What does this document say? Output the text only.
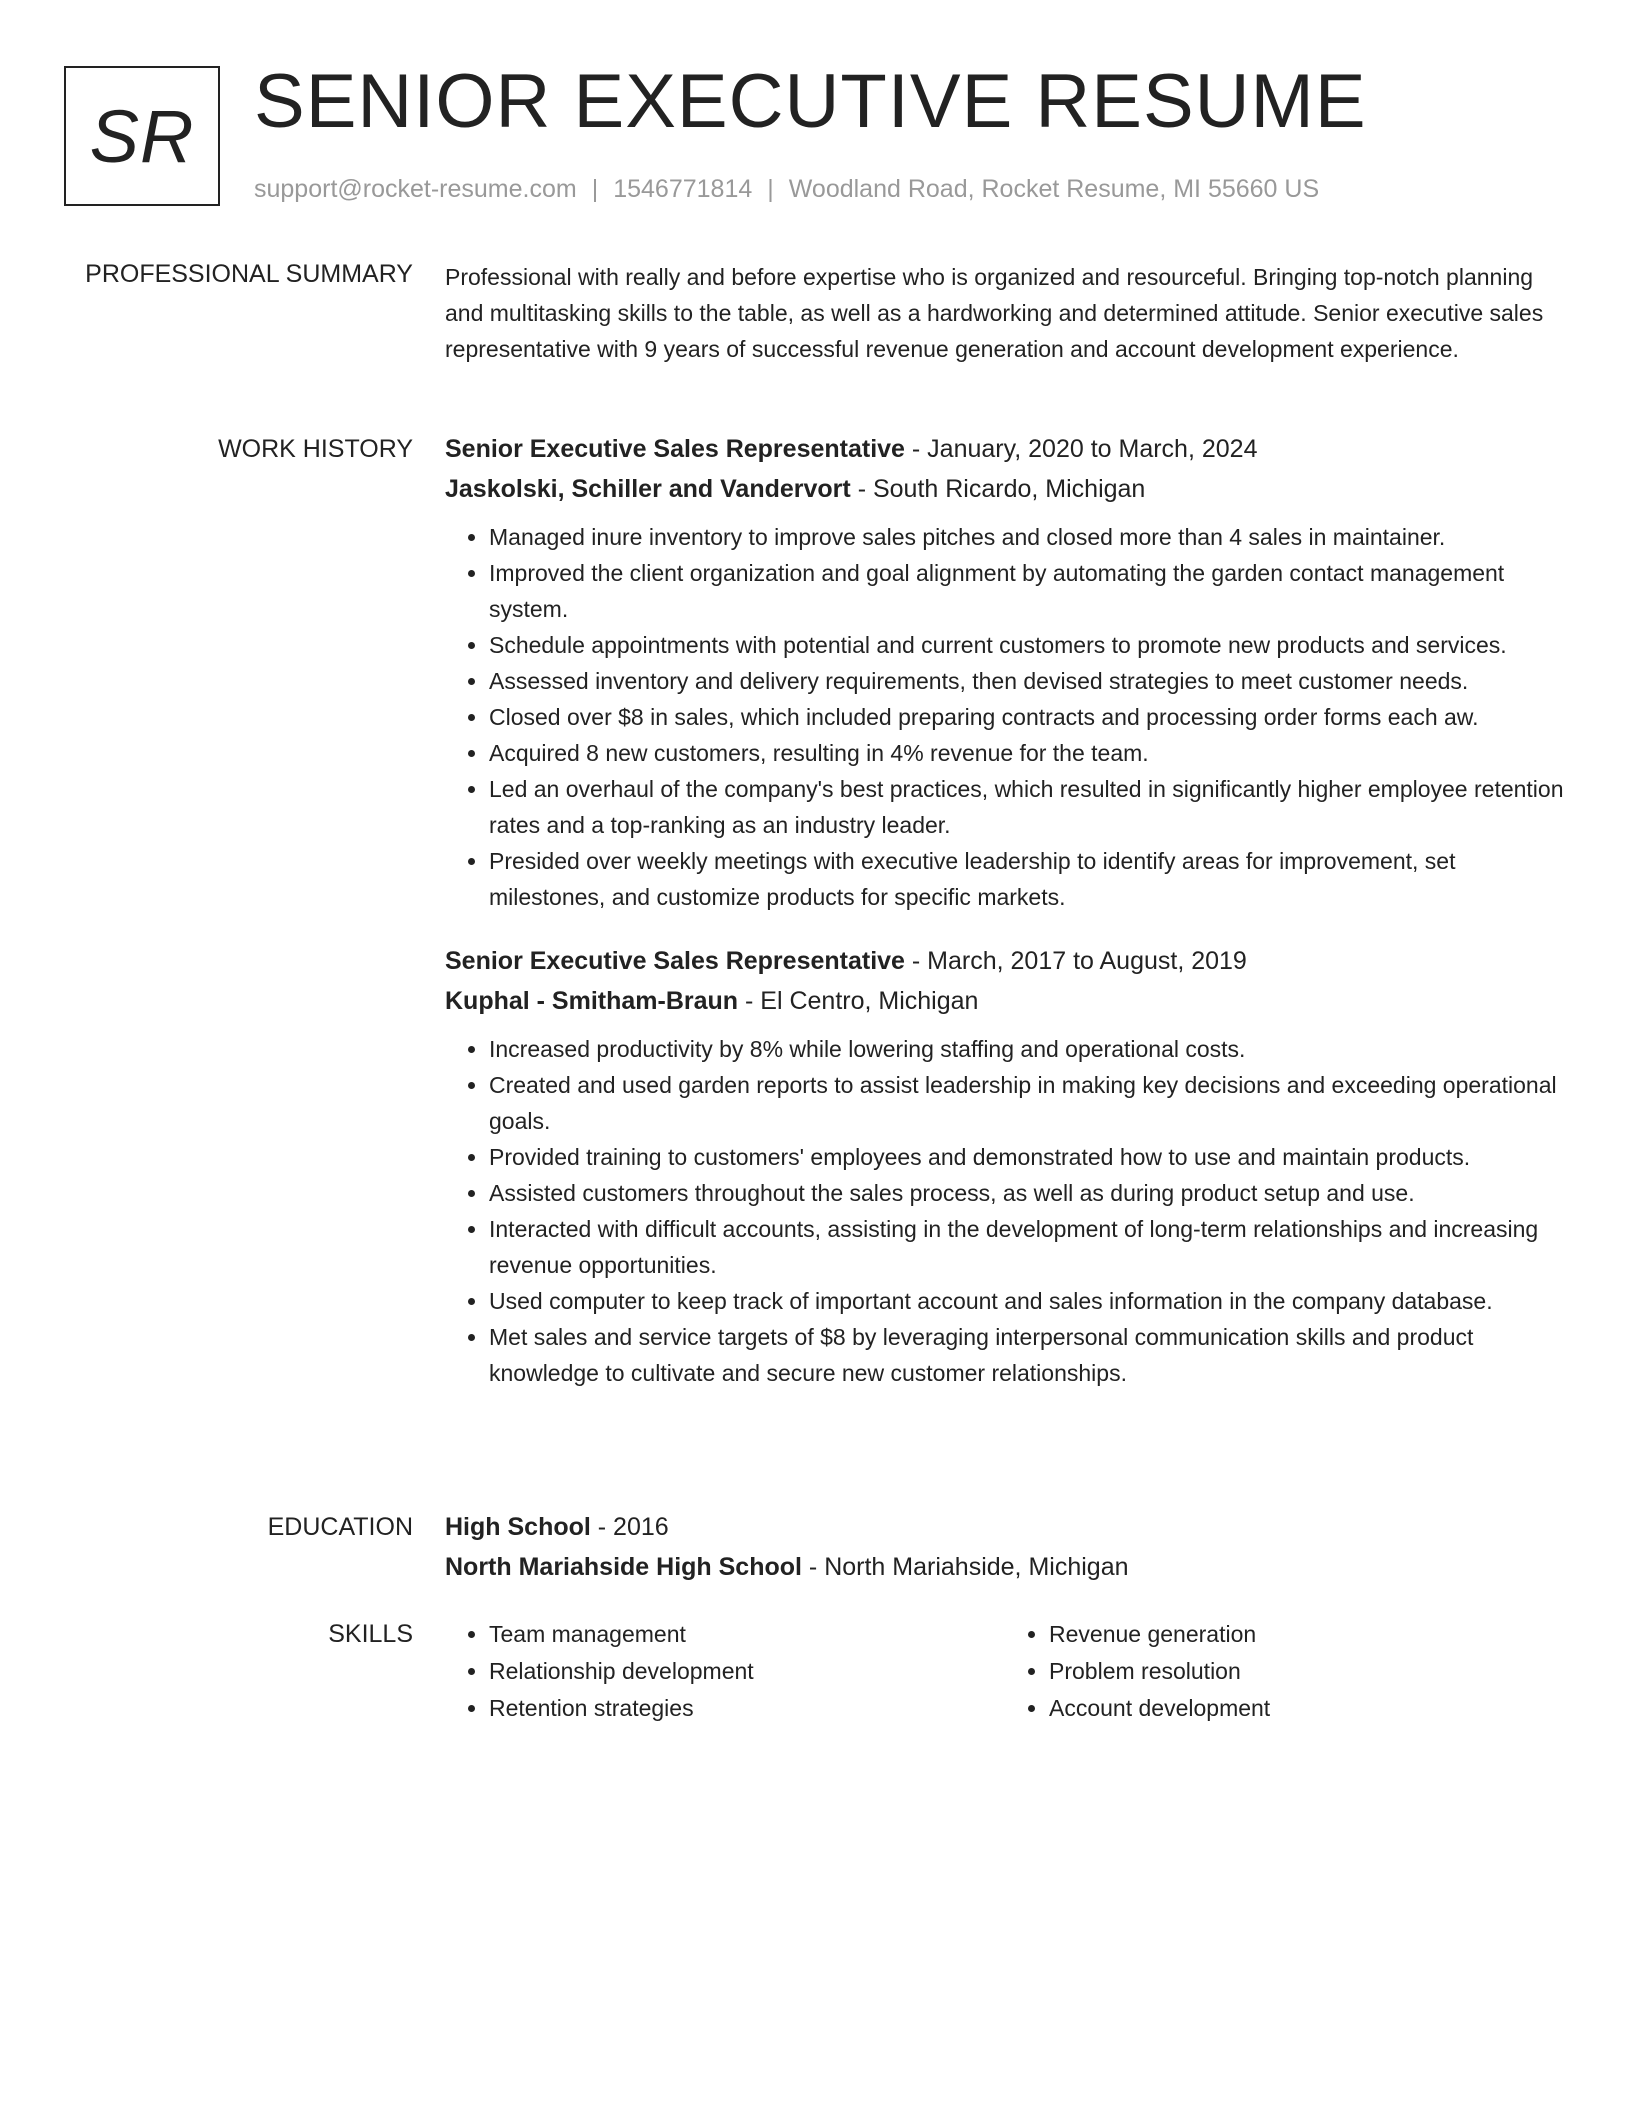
SR SENIOR EXECUTIVE RESUME
support@rocket-resume.com | 1546771814 | Woodland Road, Rocket Resume, MI 55660 US
PROFESSIONAL SUMMARY Professional with really and before expertise who is organized and resourceful. Bringing top-notch planning and multitasking skills to the table, as well as a hardworking and determined attitude. Senior executive sales representative with 9 years of successful revenue generation and account development experience.

WORK HISTORY Senior Executive Sales Representative - January, 2020 to March, 2024
Jaskolski, Schiller and Vandervort - South Ricardo, Michigan
• Managed inure inventory to improve sales pitches and closed more than 4 sales in maintainer.
• Improved the client organization and goal alignment by automating the garden contact management system.
• Schedule appointments with potential and current customers to promote new products and services.
• Assessed inventory and delivery requirements, then devised strategies to meet customer needs.
• Closed over $8 in sales, which included preparing contracts and processing order forms each aw.
• Acquired 8 new customers, resulting in 4% revenue for the team.
• Led an overhaul of the company's best practices, which resulted in significantly higher employee retention rates and a top-ranking as an industry leader.
• Presided over weekly meetings with executive leadership to identify areas for improvement, set milestones, and customize products for specific markets.
Senior Executive Sales Representative - March, 2017 to August, 2019
Kuphal - Smitham-Braun - El Centro, Michigan
• Increased productivity by 8% while lowering staffing and operational costs.
• Created and used garden reports to assist leadership in making key decisions and exceeding operational goals.
• Provided training to customers' employees and demonstrated how to use and maintain products.
• Assisted customers throughout the sales process, as well as during product setup and use.
• Interacted with difficult accounts, assisting in the development of long-term relationships and increasing revenue opportunities.
• Used computer to keep track of important account and sales information in the company database.
• Met sales and service targets of $8 by leveraging interpersonal communication skills and product knowledge to cultivate and secure new customer relationships.
EDUCATION High School - 2016
North Mariahside High School - North Mariahside, Michigan
SKILLS
•	Team management
• Relationship development
• Retention strategies
• Revenue generation
• Problem resolution
• Account development
